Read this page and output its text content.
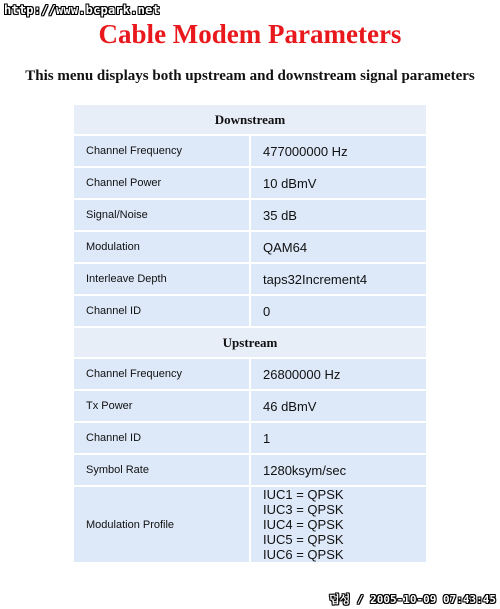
http://www.bcpark.net
Cable Modem Parameters

This menu displays both upstream and downstream signal parameters

Downstream	
Channel Frequency	477000000 Hz
Channel Power	10 dBmV
Signal/Noise	35 dB
Modulation	QAM64
Interleave Depth	taps32Increment4
Channel ID	0
Upstream	
Channel Frequency	26800000 Hz
Tx Power	46 dBmV
Channel ID	1
Symbol Rate	1280ksym/sec
Modulation Profile	IUC1 = QPSK
IUC3 = QPSK
IUC4 = QPSK
IUC5 = QPSK
IUC6 = QPSK
덥성 / 2005-10-09 07:43:45
